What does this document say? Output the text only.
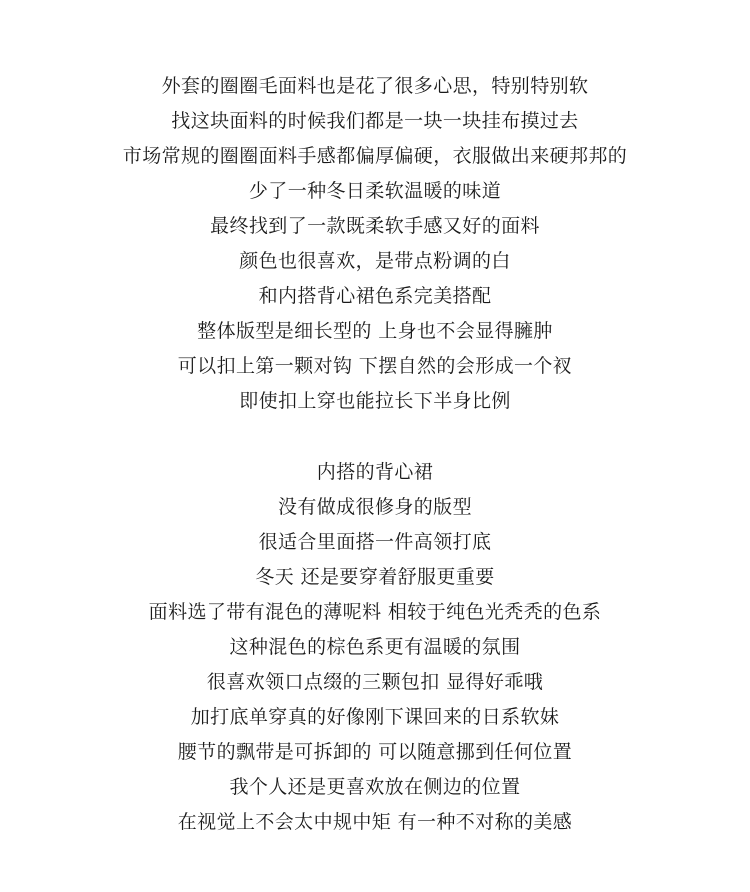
外套的圈圈毛面料也是花了很多心思，特别特别软
找这块面料的时候我们都是一块一块挂布摸过去
市场常规的圈圈面料手感都偏厚偏硬，衣服做出来硬邦邦的
少了一种冬日柔软温暖的味道
最终找到了一款既柔软手感又好的面料
颜色也很喜欢，是带点粉调的白
和内搭背心裙色系完美搭配
整体版型是细长型的 上身也不会显得臃肿
可以扣上第一颗对钩 下摆自然的会形成一个衩
即使扣上穿也能拉长下半身比例
内搭的背心裙
没有做成很修身的版型
很适合里面搭一件高领打底
冬天 还是要穿着舒服更重要
面料选了带有混色的薄呢料 相较于纯色光秃秃的色系
这种混色的棕色系更有温暖的氛围
很喜欢领口点缀的三颗包扣 显得好乖哦
加打底单穿真的好像刚下课回来的日系软妹
腰节的飘带是可拆卸的 可以随意挪到任何位置
我个人还是更喜欢放在侧边的位置
在视觉上不会太中规中矩 有一种不对称的美感
